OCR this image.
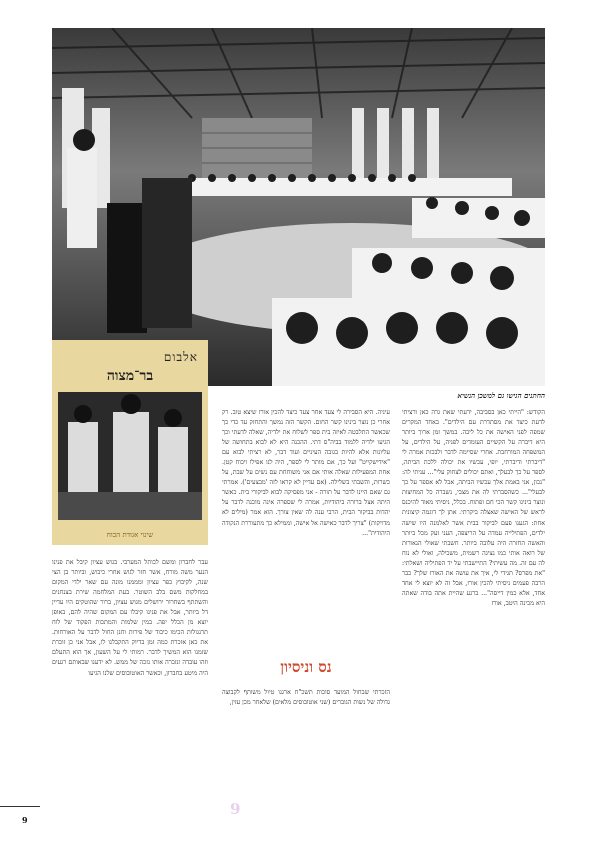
החתנים הגישו גם למשכן הנשיא
אלבום
בר־מצוה
שינוי אגודת הכוח

הקודש: "הייתי כאן בסביבה, ידעתי שאת גרה כאן ורציתי לדעת כיצד את מסתדרת עם הילדים". באחד המקרים שמפה לפני האישה את כל ליבה. במשך זמן ארוך ביותר היא דיברה על הקשיים העומדים לפניה, על הילדים, על המשפחה המורחבת. אחרי שסיימה לדבר ולבכות אמרה לי "דיברתי ודיברתי, יופי, עכשיו את יכולה ללכת הביתה, לספר על כך לבעלך, ואתם יכולים לצחוק עלי"... עניתי לה: "נכון, אני באמת אלך עכשיו הביתה, אבל לא אספר על כך לבעלי"... כשהסברתי לה את מצבי, נשברה כל המחיצות ונוצר בינינו קשר הכי חם ופתוח. בכלל, ניסיתי מאוד להיכנס לראש של האישה שאצלה ביקרתי. אתן לך דוגמה קיצונית אחת: הגענו פעם לביקור בבית אשר לאלמנה היו שישה ילדים, הפתילייה עמדה על הריצפה, העני זעק מכל ביותר והאשה החזרה היה עלובה ביותר. חשבתי שאולי הנאורות של רואה אותי כמו נציגה רשמית, משכילה, ואולי לא נוח לה עם זה. מה עשיתי? התיישבתי על יד הפתיליה ושאלתי: "את מפרס? תגידי לי, איך את עושה את האורז שלך? כבר הרבה פעמים ניסיתי להכין אורז, אבל זה לא יוצא לי אחד אחד, אלא כמין דייסה"... ברגע שהיית אתה בודה שאתה היא מכינה היטב, אורז

עיניה. היא הסבירה לי צעד אחר צעד כיצד להכין אורז שיצא טוב. רק אחרי כן נוצר בינינו קשר החום. הקשר הזה נמשך והתחזק עד כדי כך שכאשר התלבטה לאיזה בית ספר לשלוח את ילדיה, שאלה לדעתי וכך הגיעו ילדיה ללמוד בביה"ס דתי. ההכנה היא לא לבוא בתחושה של עליונות אלא להיות בגובה העיניים ועוד דבר, לא רציתי לבוא עם "אידישקייט" ועל כך, אם מותר לי לספר, היה לנו אפילו ויכוח קטן. אחת המפעילות שאלה אותי אם אני משוחחת עם נשים על שבת, על כשרות, והשבתי בשלילה. (אם עדיין לא קראו לזה 'מבצעים'). אמרתי גם שאם היינו לדבר על תורה - אני מפסיקה לבוא לביקורי בית. כאשר היתה אצל ברורה ביהודיות, אמרה לי שספרה אינה מוכנה לדבר על יהדות בביקור הבית, הרבי ענה לה שאין צורך. הוא אמר (מילים לא מדויקות) "צריך לדבר כאישה אל אישה, וממילא כך מתעוררת הנקודה היהודית"...

נס וניסיון

הזכרתי שבחול המועד סוכות תשכ"ח ארגנו טיול משותף לקבוצה גדולה של נשות הגוברים (שני אוטובוסים מלאים) שלאחר מכן עזין,

עבר לחברון ומשם לכותל המערבי. בגוש עציון קיבל את פנינו הנער משה מורח, אשר חזר לגוש אחרי כיבוש, וביותר בן הצי שנה, לקיבוץ כפר עציון ומממנו מונה עם שאר ילדי המקום במחלקות משם בלב השוטר. בעת המלחמה שירת בצנחנים והשתתף בשחרור ירושלים מגוש עציון, ברור שהוטקים היו עדיין דל ביותר, אבל את פנינו קיבלו עם המקום שהיה להם, באופן יוצא מן הכלל יפה. במין שלמות והמתכות הפקוד של לוח תרנגולות הכימו כיבוד של פירות וחנן החול לדבר על האורחות. את כאן אזכרת כמה זמן בדיוק התקבלנו לו, אבל אני כן זוכרת שזמנו הוא המשיך לדבר. רמותי לי על השעון, אך הוא התעלם וזהו עובדה ונזכרה אותו נזכה של ממש. לא ידענו שבאותם רגעים היה מיטע בחברון, וכאשר האוטובוסים שלנו הגיעו

9
9
